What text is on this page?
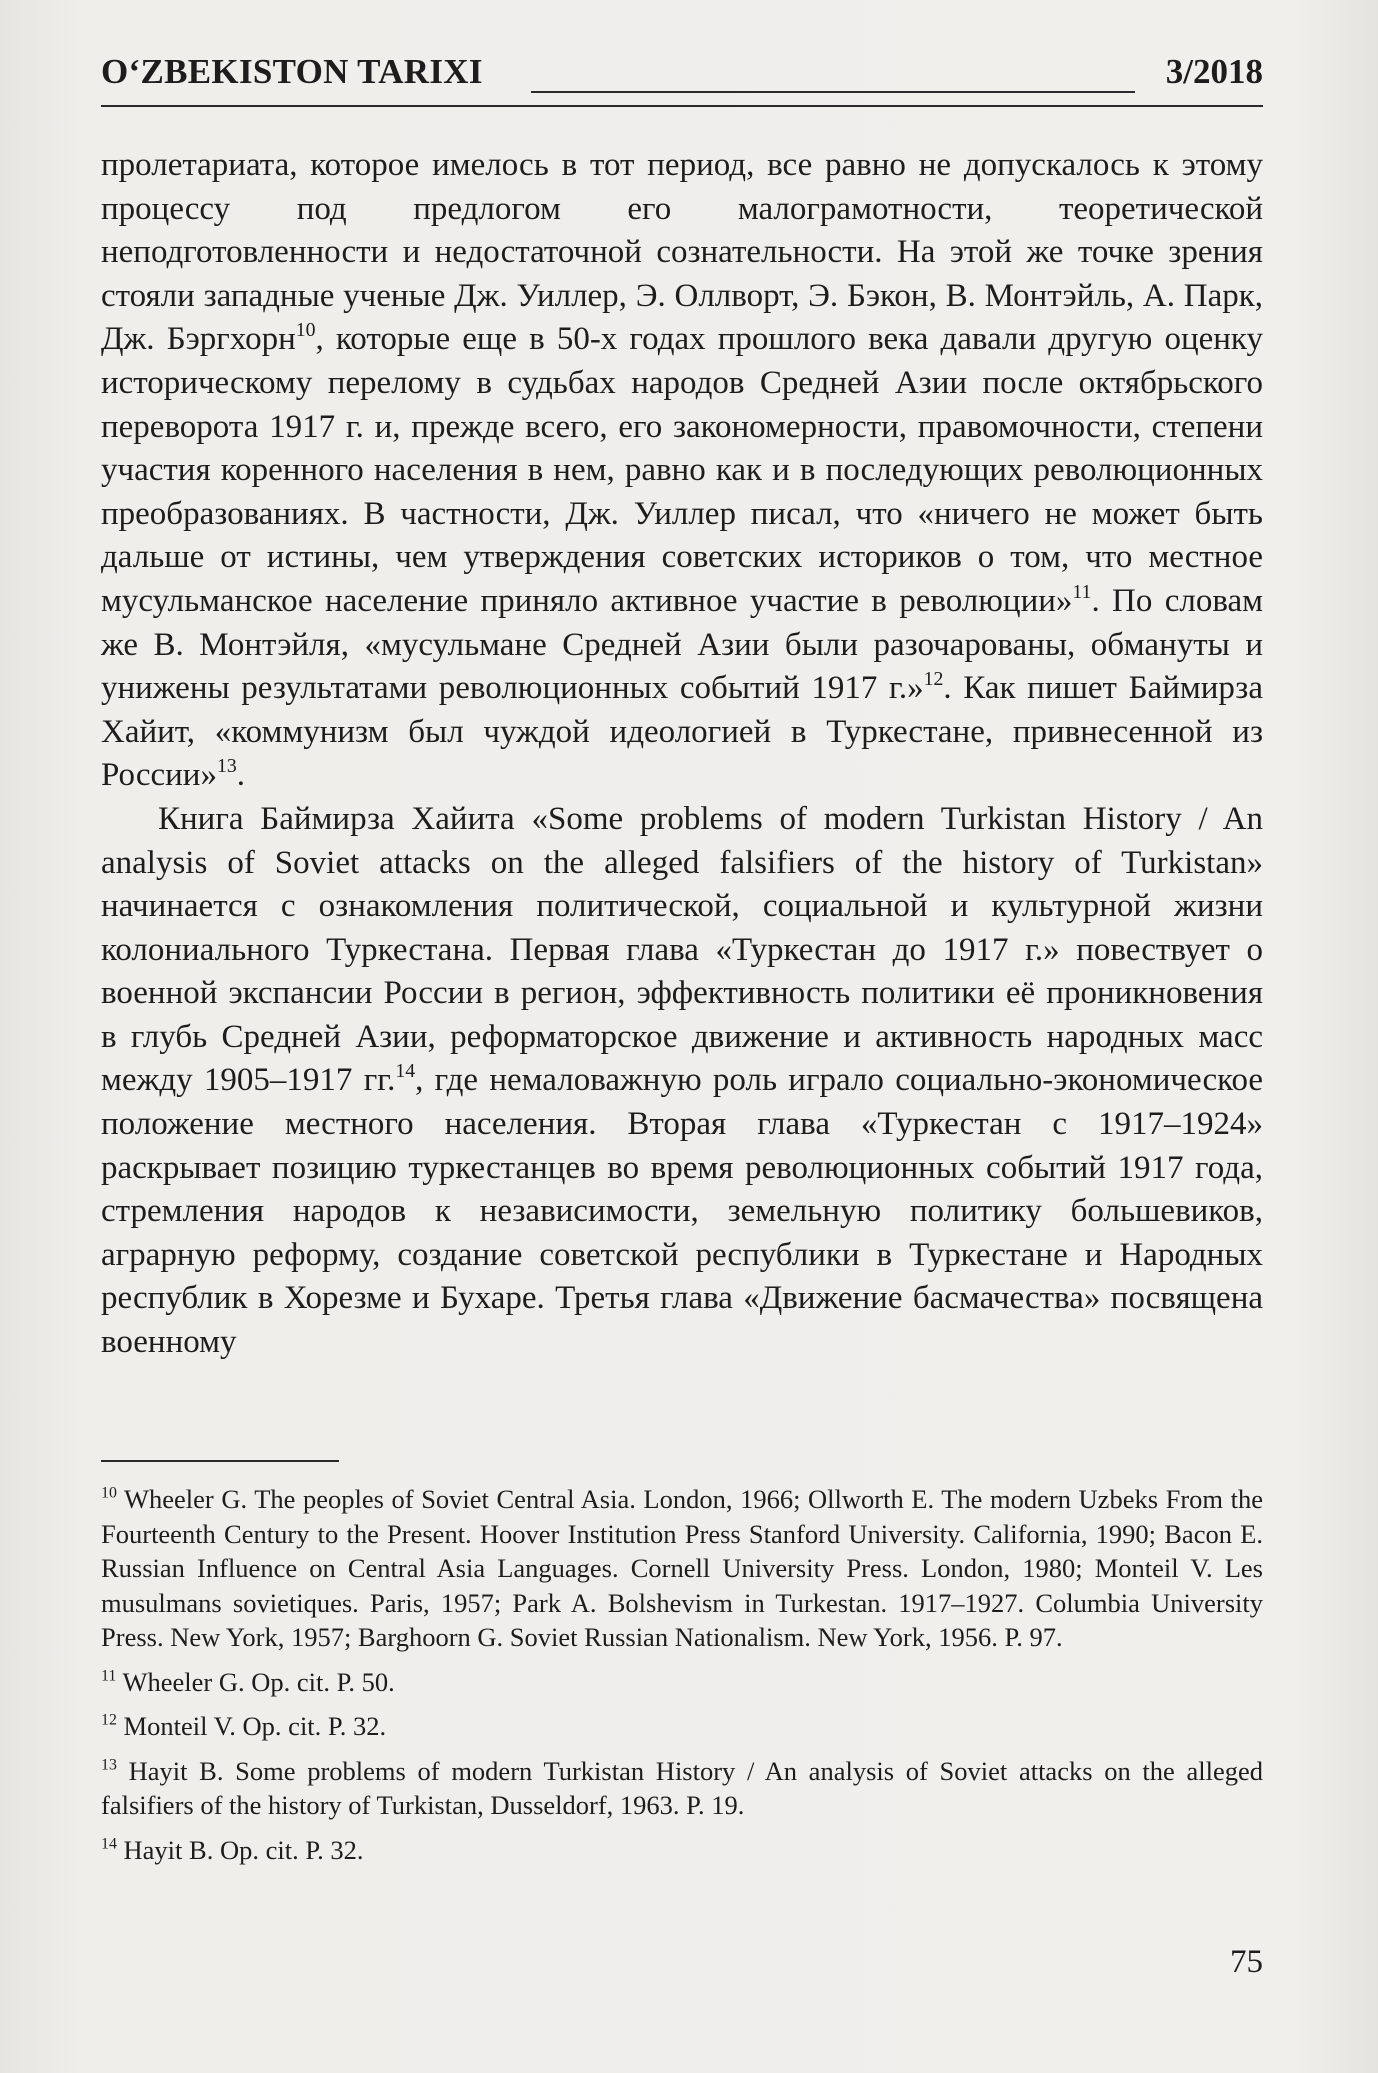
O‘ZBEKISTON TARIXI	3/2018

пролетариата, которое имелось в тот период, все равно не допускалось к этому процессу под предлогом его малограмотности, теоретической неподготовленности и недостаточной сознательности. На этой же точке зрения стояли западные ученые Дж. Уиллер, Э. Оллворт, Э. Бэкон, В. Монтэйль, А. Парк, Дж. Бэргхорн$^{10}$, которые еще в 50-х годах прошлого века давали другую оценку историческому перелому в судьбах народов Средней Азии после октябрьского переворота 1917 г. и, прежде всего, его закономерности, правомочности, степени участия коренного населения в нем, равно как и в последующих революционных преобразованиях. В частности, Дж. Уиллер писал, что «ничего не может быть дальше от истины, чем утверждения советских историков о том, что местное мусульманское население приняло активное участие в революции»$^{11}$. По словам же В. Монтэйля, «мусульмане Средней Азии были разочарованы, обмануты и унижены результатами революционных событий 1917 г.»$^{12}$. Как пишет Баймирза Хайит, «коммунизм был чуждой идеологией в Туркестане, привнесенной из России»$^{13}$.

Книга Баймирза Хайита «Some problems of modern Turkistan History / An analysis of Soviet attacks on the alleged falsifiers of the history of Turkistan» начинается с ознакомления политической, социальной и культурной жизни колониального Туркестана. Первая глава «Туркестан до 1917 г.» повествует о военной экспансии России в регион, эффективность политики её проникновения в глубь Средней Азии, реформаторское движение и активность народных масс между 1905–1917 гг.$^{14}$, где немаловажную роль играло социально-экономическое положение местного населения. Вторая глава «Туркестан с 1917–1924» раскрывает позицию туркестанцев во время революционных событий 1917 года, стремления народов к независимости, земельную политику большевиков, аграрную реформу, создание советской республики в Туркестане и Народных республик в Хорезме и Бухаре. Третья глава «Движение басмачества» посвящена военному

$^{10}$ Wheeler G. The peoples of Soviet Central Asia. London, 1966; Ollworth E. The modern Uzbeks From the Fourteenth Century to the Present. Hoover Institution Press Stanford University. California, 1990; Bacon E. Russian Influence on Central Asia Languages. Cornell University Press. London, 1980; Monteil V. Les musulmans sovietiques. Paris, 1957; Park A. Bolshevism in Turkestan. 1917–1927. Columbia University Press. New York, 1957; Barghoorn G. Soviet Russian Nationalism. New York, 1956. P. 97.

$^{11}$ Wheeler G. Op. cit. P. 50.

$^{12}$ Monteil V. Op. cit. P. 32.

$^{13}$ Hayit B. Some problems of modern Turkistan History / An analysis of Soviet attacks on the alleged falsifiers of the history of Turkistan, Dusseldorf, 1963. P. 19.

$^{14}$ Hayit B. Op. cit. P. 32.

75
